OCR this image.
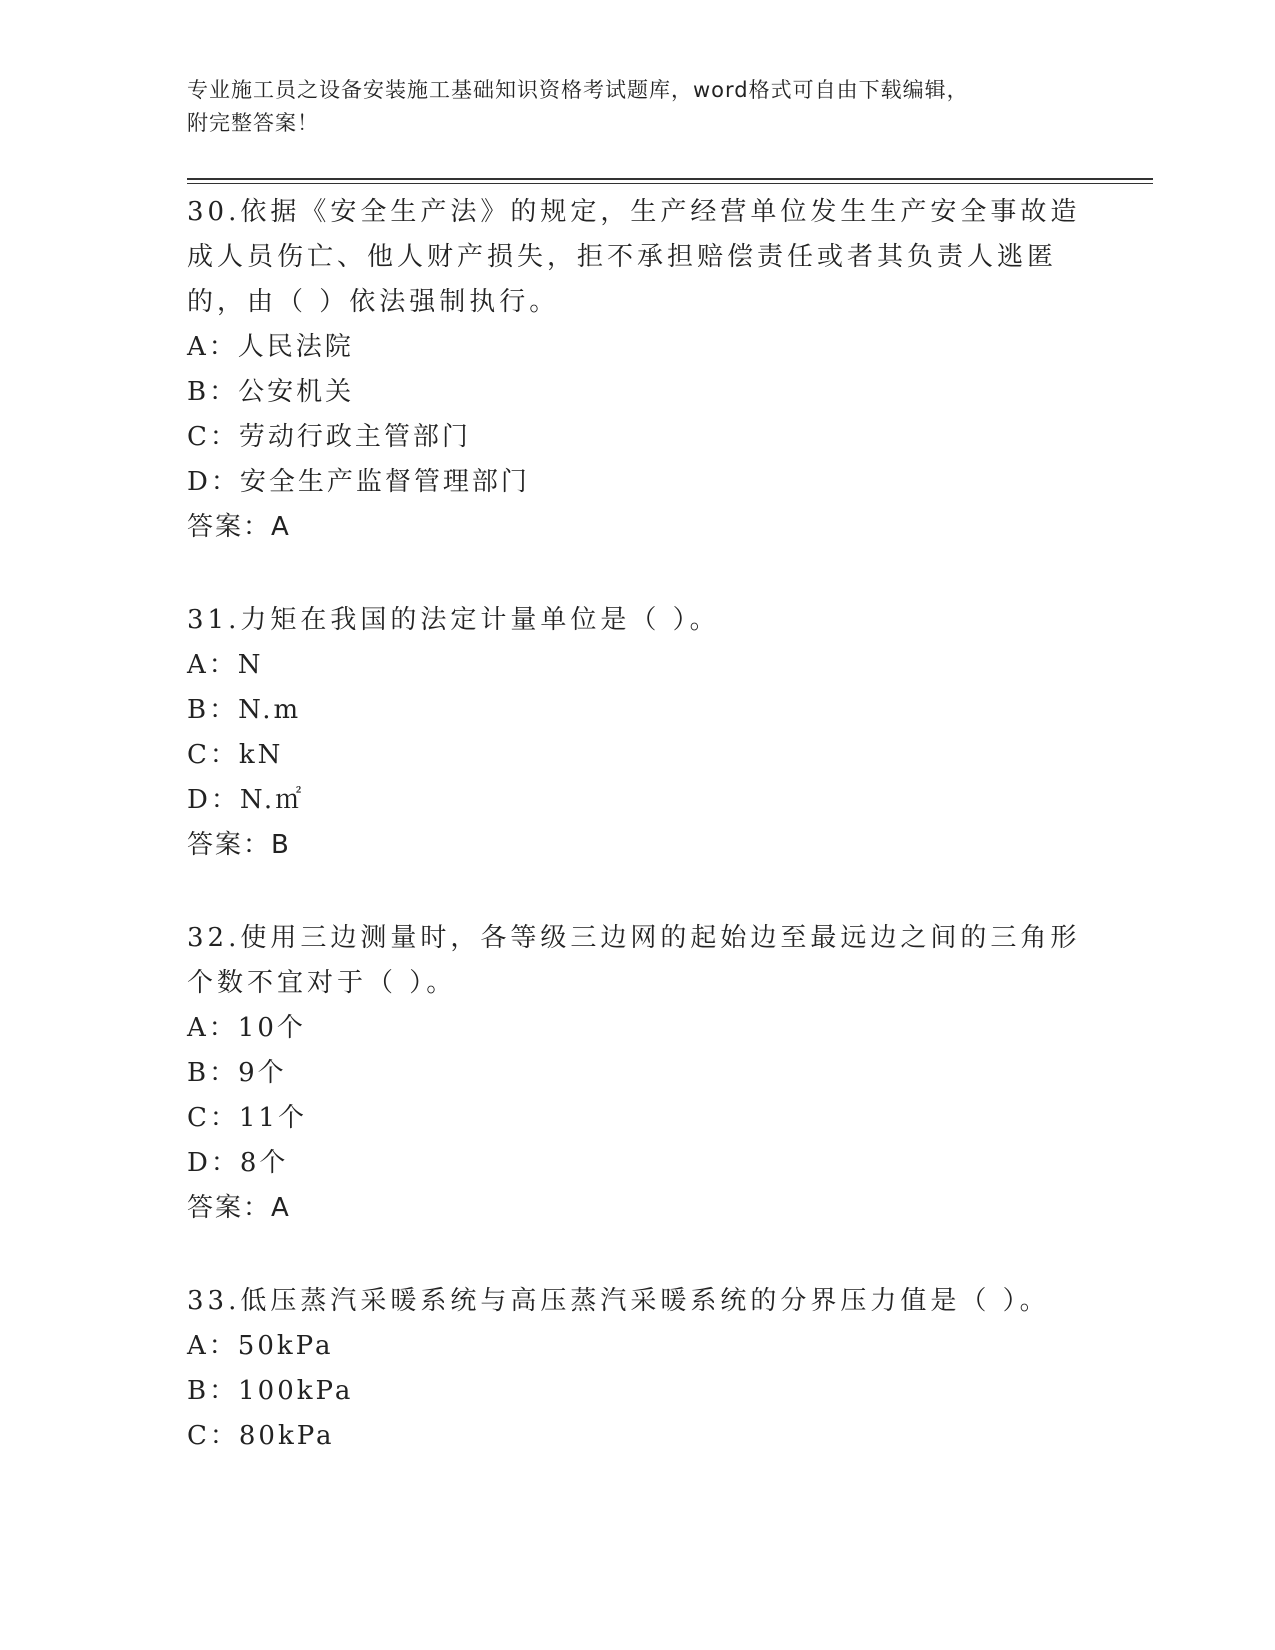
专业施工员之设备安装施工基础知识资格考试题库，word格式可自由下载编辑，
附完整答案！

30.依据《安全生产法》的规定，生产经营单位发生生产安全事故造成人员伤亡、他人财产损失，拒不承担赔偿责任或者其负责人逃匿的，由（ ）依法强制执行。

A：人民法院
B：公安机关
C：劳动行政主管部门
D：安全生产监督管理部门
答案：A

31.力矩在我国的法定计量单位是（ ）。

A：N
B：N.m
C：kN
D：N.㎡
答案：B

32.使用三边测量时，各等级三边网的起始边至最远边之间的三角形个数不宜对于（ ）。

A：10个
B：9个
C：11个
D：8个
答案：A

33.低压蒸汽采暖系统与高压蒸汽采暖系统的分界压力值是（ ）。

A：50kPa
B：100kPa
C：80kPa
